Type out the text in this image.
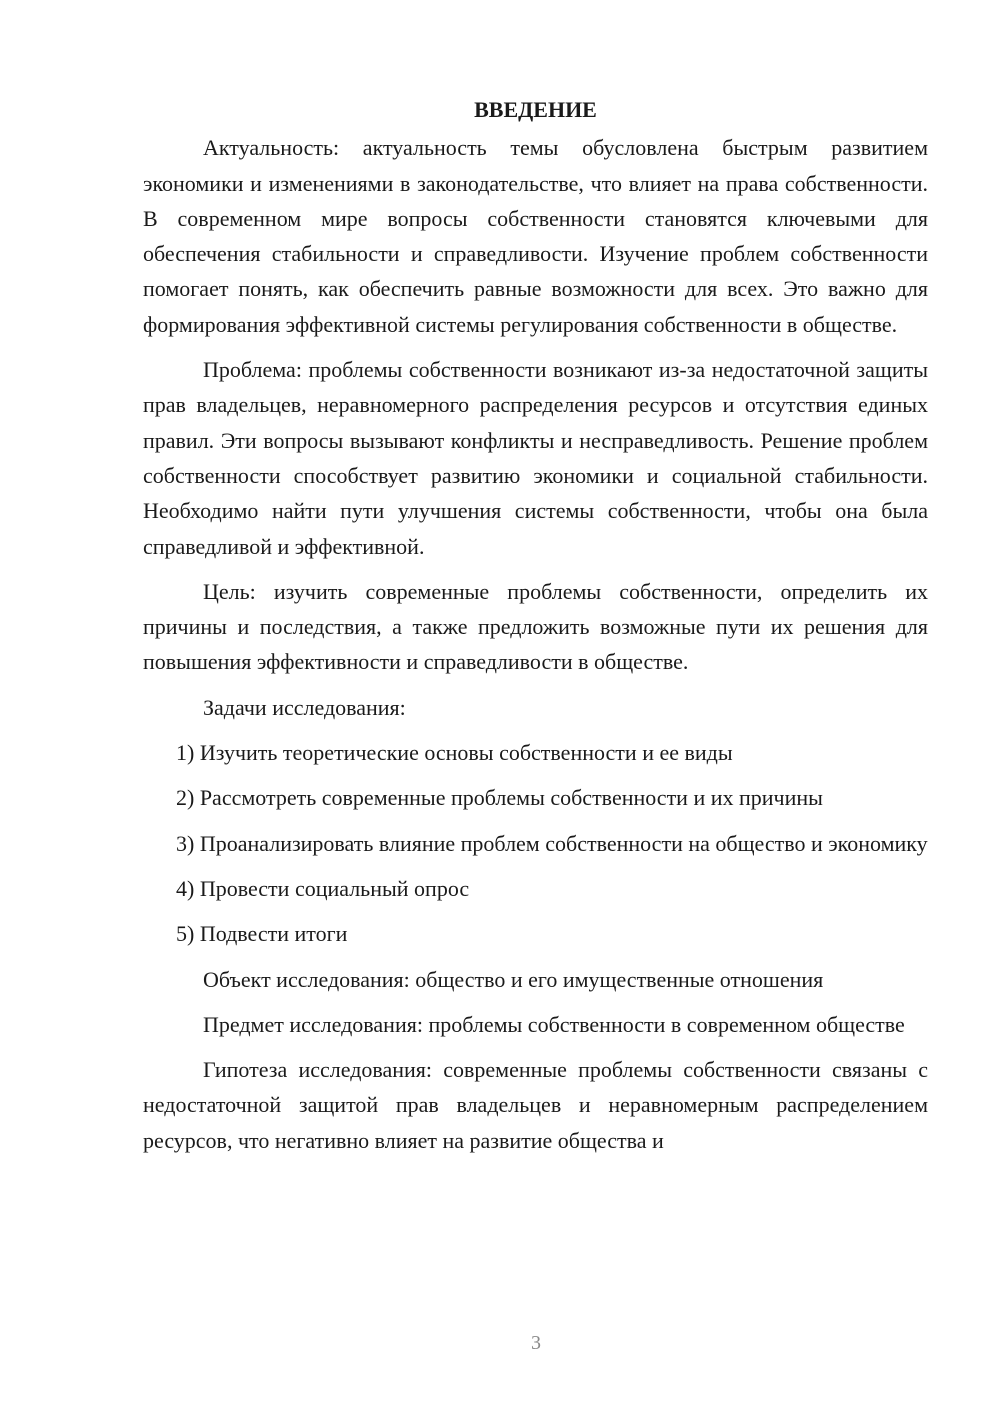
ВВЕДЕНИЕ

Актуальность: актуальность темы обусловлена быстрым развитием экономики и изменениями в законодательстве, что влияет на права собственности. В современном мире вопросы собственности становятся ключевыми для обеспечения стабильности и справедливости. Изучение проблем собственности помогает понять, как обеспечить равные возможности для всех. Это важно для формирования эффективной системы регулирования собственности в обществе.

Проблема: проблемы собственности возникают из-за недостаточной защиты прав владельцев, неравномерного распределения ресурсов и отсутствия единых правил. Эти вопросы вызывают конфликты и несправедливость. Решение проблем собственности способствует развитию экономики и социальной стабильности. Необходимо найти пути улучшения системы собственности, чтобы она была справедливой и эффективной.

Цель: изучить современные проблемы собственности, определить их причины и последствия, а также предложить возможные пути их решения для повышения эффективности и справедливости в обществе.

Задачи исследования:

1) Изучить теоретические основы собственности и ее виды

2) Рассмотреть современные проблемы собственности и их причины

3) Проанализировать влияние проблем собственности на общество и экономику

4) Провести социальный опрос

5) Подвести итоги

Объект исследования: общество и его имущественные отношения

Предмет исследования: проблемы собственности в современном обществе

Гипотеза исследования: современные проблемы собственности связаны с недостаточной защитой прав владельцев и неравномерным распределением ресурсов, что негативно влияет на развитие общества и

3
